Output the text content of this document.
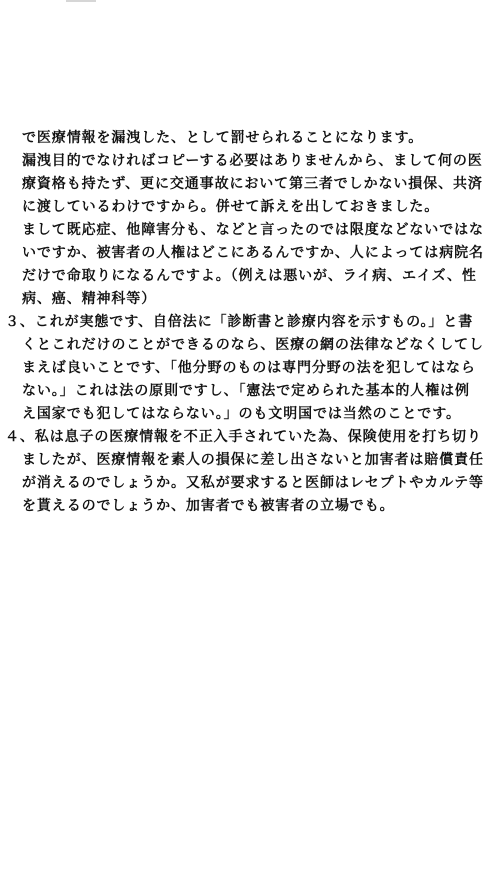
で医療情報を漏洩した、として罰せられることになります。
漏洩目的でなければコピーする必要はありませんから、まして何の医
療資格も持たず、更に交通事故において第三者でしかない損保、共済
に渡しているわけですから。併せて訴えを出しておきました。
まして既応症、他障害分も、などと言ったのでは限度などないではな
いですか、被害者の人権はどこにあるんですか、人によっては病院名
だけで命取りになるんですよ。（例えは悪いが、ライ病、エイズ、性
病、癌、精神科等）
３、これが実態です、自倍法に「診断書と診療内容を示すもの。」と書
くとこれだけのことができるのなら、医療の網の法律などなくしてし
まえば良いことです、「他分野のものは専門分野の法を犯してはなら
ない。」これは法の原則ですし、「憲法で定められた基本的人権は例
え国家でも犯してはならない。」のも文明国では当然のことです。
４、私は息子の医療情報を不正入手されていた為、保険使用を打ち切り
ましたが、医療情報を素人の損保に差し出さないと加害者は賠償責任
が消えるのでしょうか。又私が要求すると医師はレセプトやカルテ等
を貰えるのでしょうか、加害者でも被害者の立場でも。
